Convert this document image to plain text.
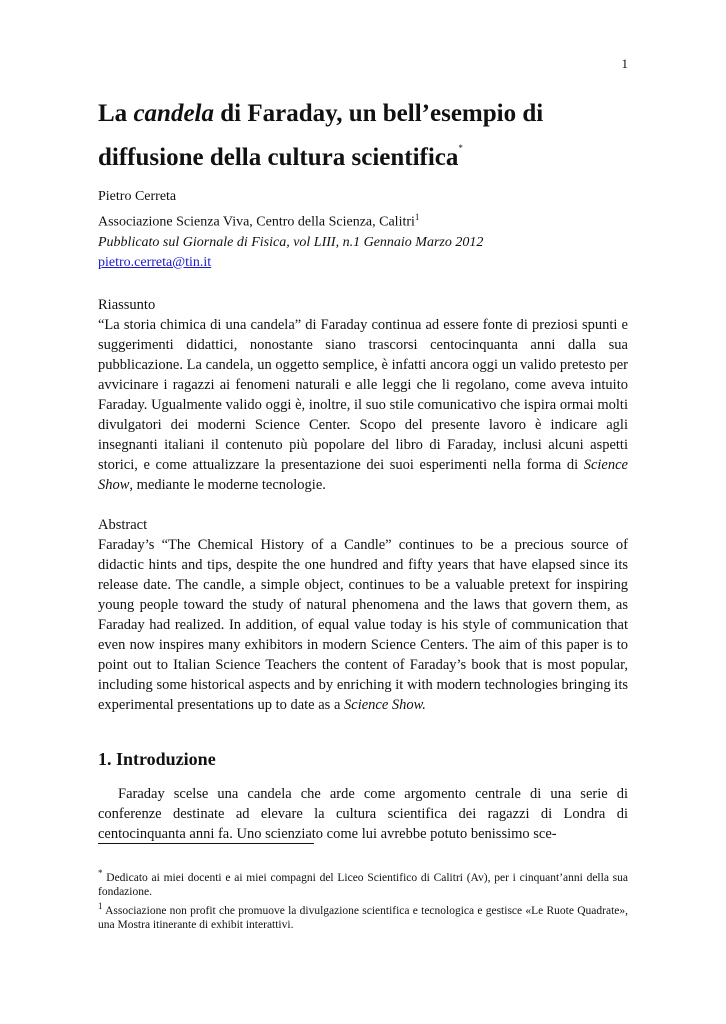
1
La candela di Faraday, un bell’esempio di diffusione della cultura scientifica*
Pietro Cerreta
Associazione Scienza Viva, Centro della Scienza, Calitri$^1$
Pubblicato sul Giornale di Fisica, vol LIII, n.1 Gennaio Marzo 2012
pietro.cerreta@tin.it
Riassunto

“La storia chimica di una candela” di Faraday continua ad essere fonte di preziosi spunti e suggerimenti didattici, nonostante siano trascorsi centocinquanta anni dalla sua pubblicazione. La candela, un oggetto semplice, è infatti ancora oggi un valido pretesto per avvicinare i ragazzi ai fenomeni naturali e alle leggi che li regolano, come aveva intuito Faraday. Ugualmente valido oggi è, inoltre, il suo stile comunicativo che ispira ormai molti divulgatori dei moderni Science Center. Scopo del presente lavoro è indicare agli insegnanti italiani il contenuto più popolare del libro di Faraday, inclusi alcuni aspetti storici, e come attualizzare la presentazione dei suoi esperimenti nella forma di Science Show, mediante le moderne tecnologie.

Abstract

Faraday’s “The Chemical History of a Candle” continues to be a precious source of didactic hints and tips, despite the one hundred and fifty years that have elapsed since its release date. The candle, a simple object, continues to be a valuable pretext for inspiring young people toward the study of natural phenomena and the laws that govern them, as Faraday had realized. In addition, of equal value today is his style of communication that even now inspires many exhibitors in modern Science Centers. The aim of this paper is to point out to Italian Science Teachers the content of Faraday’s book that is most popular, including some historical aspects and by enriching it with modern technologies bringing its experimental presentations up to date as a Science Show.

1. Introduzione

Faraday scelse una candela che arde come argomento centrale di una serie di conferenze destinate ad elevare la cultura scientifica dei ragazzi di Londra di centocinquanta anni fa. Uno scienziato come lui avrebbe potuto benissimo sce-

* Dedicato ai miei docenti e ai miei compagni del Liceo Scientifico di Calitri (Av), per i cinquant’anni della sua fondazione.

$^1$ Associazione non profit che promuove la divulgazione scientifica e tecnologica e gestisce «Le Ruote Quadrate», una Mostra itinerante di exhibit interattivi.
